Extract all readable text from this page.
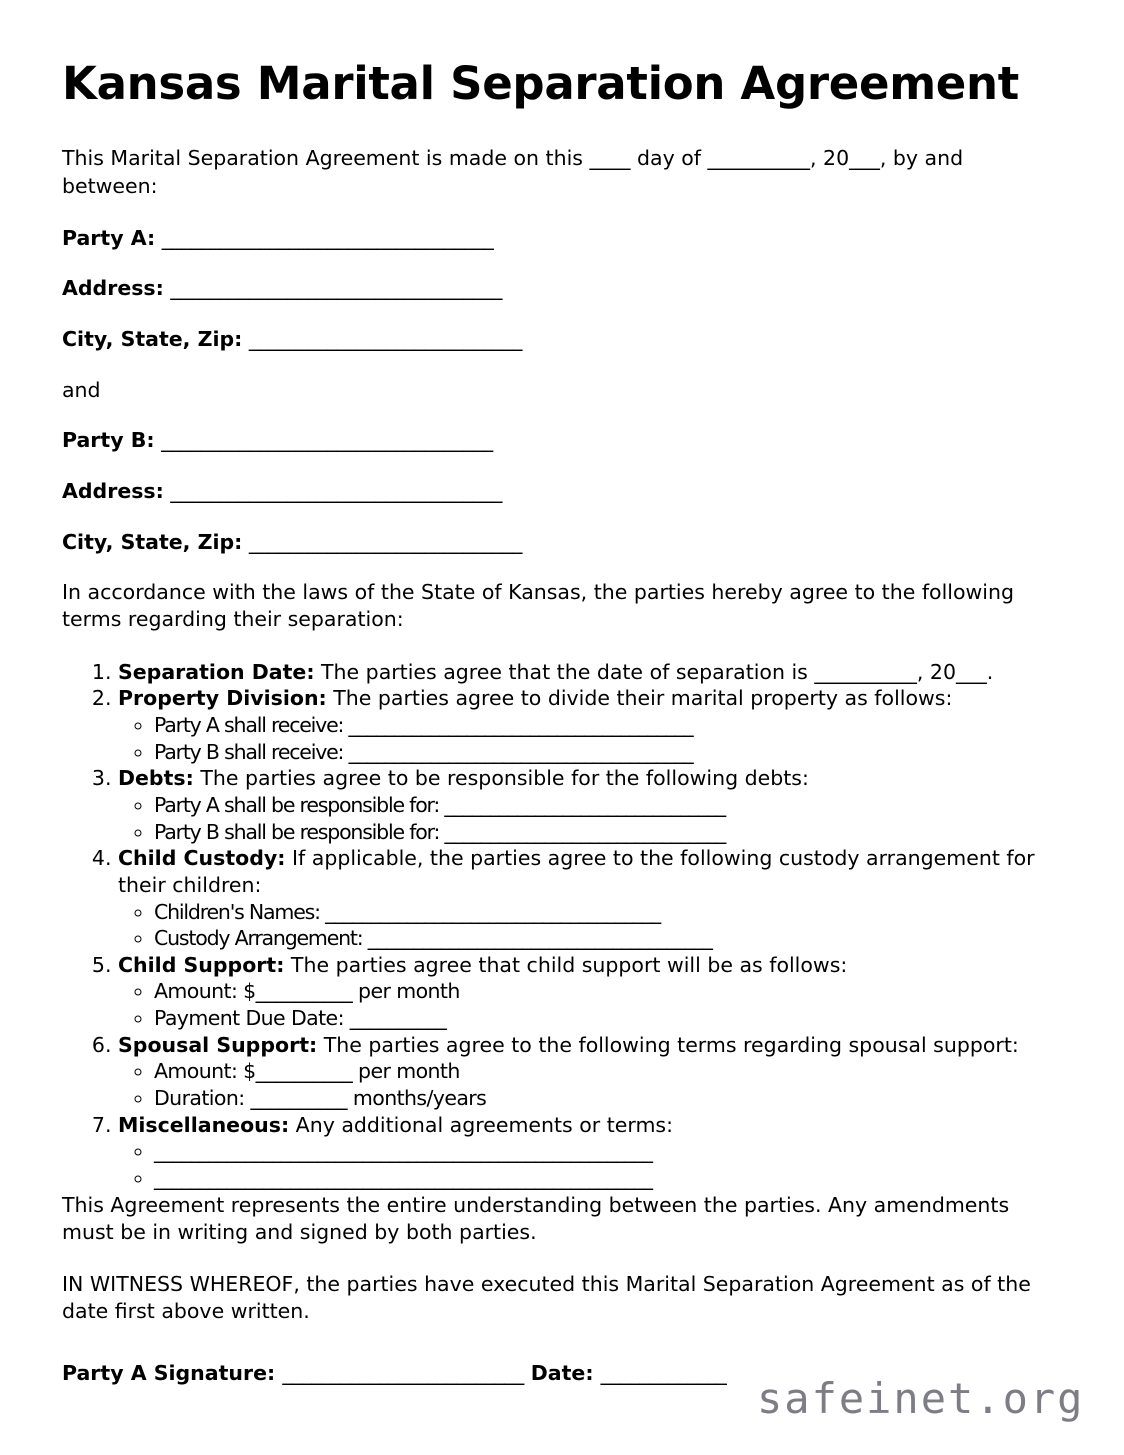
Kansas Marital Separation Agreement

This Marital Separation Agreement is made on this ____ day of __________, 20___, by and between:

Party A: __________________________________
Address: __________________________________
City, State, Zip: ____________________________
and
Party B: __________________________________
Address: __________________________________
City, State, Zip: ____________________________

In accordance with the laws of the State of Kansas, the parties hereby agree to the following terms regarding their separation:

1. Separation Date: The parties agree that the date of separation is __________, 20___.
2. Property Division: The parties agree to divide their marital property as follows:
◦ Party A shall receive: ______________________________________
◦ Party B shall receive: ______________________________________
3. Debts: The parties agree to be responsible for the following debts:
◦ Party A shall be responsible for: _______________________________
◦ Party B shall be responsible for: _______________________________
4. Child Custody: If applicable, the parties agree to the following custody arrangement for their children:
◦ Children's Names: _____________________________________
◦ Custody Arrangement: ______________________________________
5. Child Support: The parties agree that child support will be as follows:
◦ Amount: $__________ per month
◦ Payment Due Date: __________
6. Spousal Support: The parties agree to the following terms regarding spousal support:
◦ Amount: $__________ per month
◦ Duration: __________ months/years
7. Miscellaneous: Any additional agreements or terms:
◦ _______________________________________________________
◦ _______________________________________________________

This Agreement represents the entire understanding between the parties. Any amendments must be in writing and signed by both parties.

IN WITNESS WHEREOF, the parties have executed this Marital Separation Agreement as of the date first above written.

Party A Signature: _________________________ Date: _____________
safeinet.org
